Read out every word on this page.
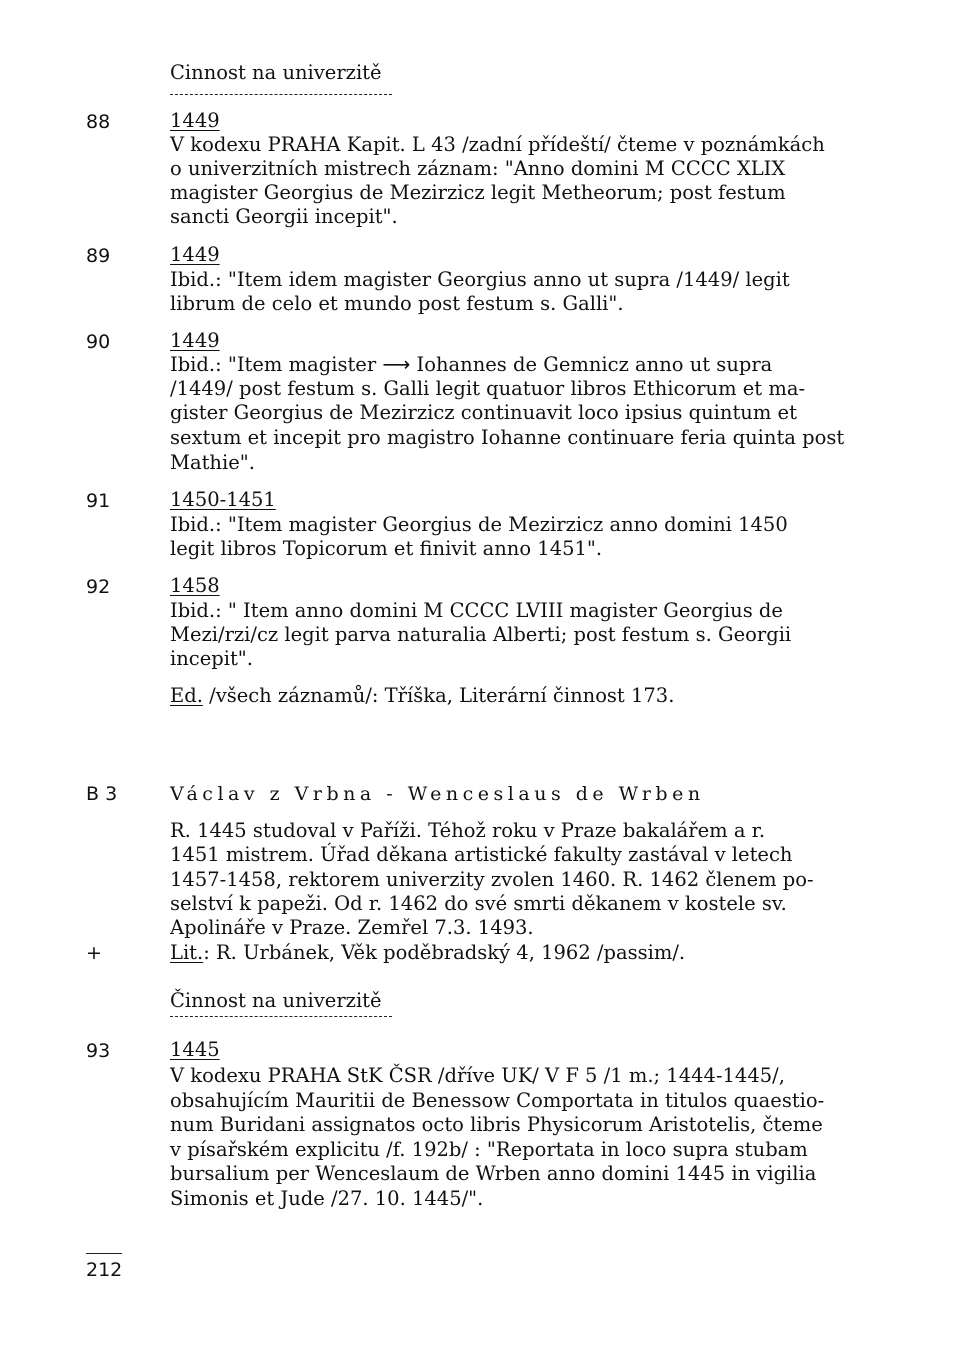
Cinnost na univerzitě
88	1449
V kodexu PRAHA Kapit. L 43 /zadní přídeští/ čteme v poznámkách
o univerzitních mistrech záznam: "Anno domini M CCCC XLIX
magister Georgius de Mezirzicz legit Metheorum; post festum
sancti Georgii incepit".
89	1449
Ibid.: "Item idem magister Georgius anno ut supra /1449/ legit
librum de celo et mundo post festum s. Galli".
90	1449
Ibid.: "Item magister ⟶ Iohannes de Gemnicz anno ut supra
/1449/ post festum s. Galli legit quatuor libros Ethicorum et ma-
gister Georgius de Mezirzicz continuavit loco ipsius quintum et
sextum et incepit pro magistro Iohanne continuare feria quinta post
Mathie".
91	1450-1451
Ibid.: "Item magister Georgius de Mezirzicz anno domini 1450
legit libros Topicorum et finivit anno 1451".
92	1458
Ibid.: " Item anno domini M CCCC LVIII magister Georgius de
Mezi/rzi/cz legit parva naturalia Alberti; post festum s. Georgii
incepit".
Ed. /všech záznamů/: Tříška, Literární činnost 173.
B 3	Václav z Vrbna - Wenceslaus de Wrben
R. 1445 studoval v Paříži. Téhož roku v Praze bakalářem a r.
1451 mistrem. Úřad děkana artistické fakulty zastával v letech
1457-1458, rektorem univerzity zvolen 1460. R. 1462 členem po-
selství k papeži. Od r. 1462 do své smrti děkanem v kostele sv.
Apolináře v Praze. Zemřel 7.3. 1493.
+	Lit.: R. Urbánek, Věk poděbradský 4, 1962 /passim/.
Činnost na univerzitě
93	1445
V kodexu PRAHA StK ČSR /dříve UK/ V F 5 /1 m.; 1444-1445/,
obsahujícím Mauritii de Benessow Comportata in titulos quaestio-
num Buridani assignatos octo libris Physicorum Aristotelis, čteme
v písařském explicitu /f. 192b/ : "Reportata in loco supra stubam
bursalium per Wenceslaum de Wrben anno domini 1445 in vigilia
Simonis et Jude /27. 10. 1445/".
212
